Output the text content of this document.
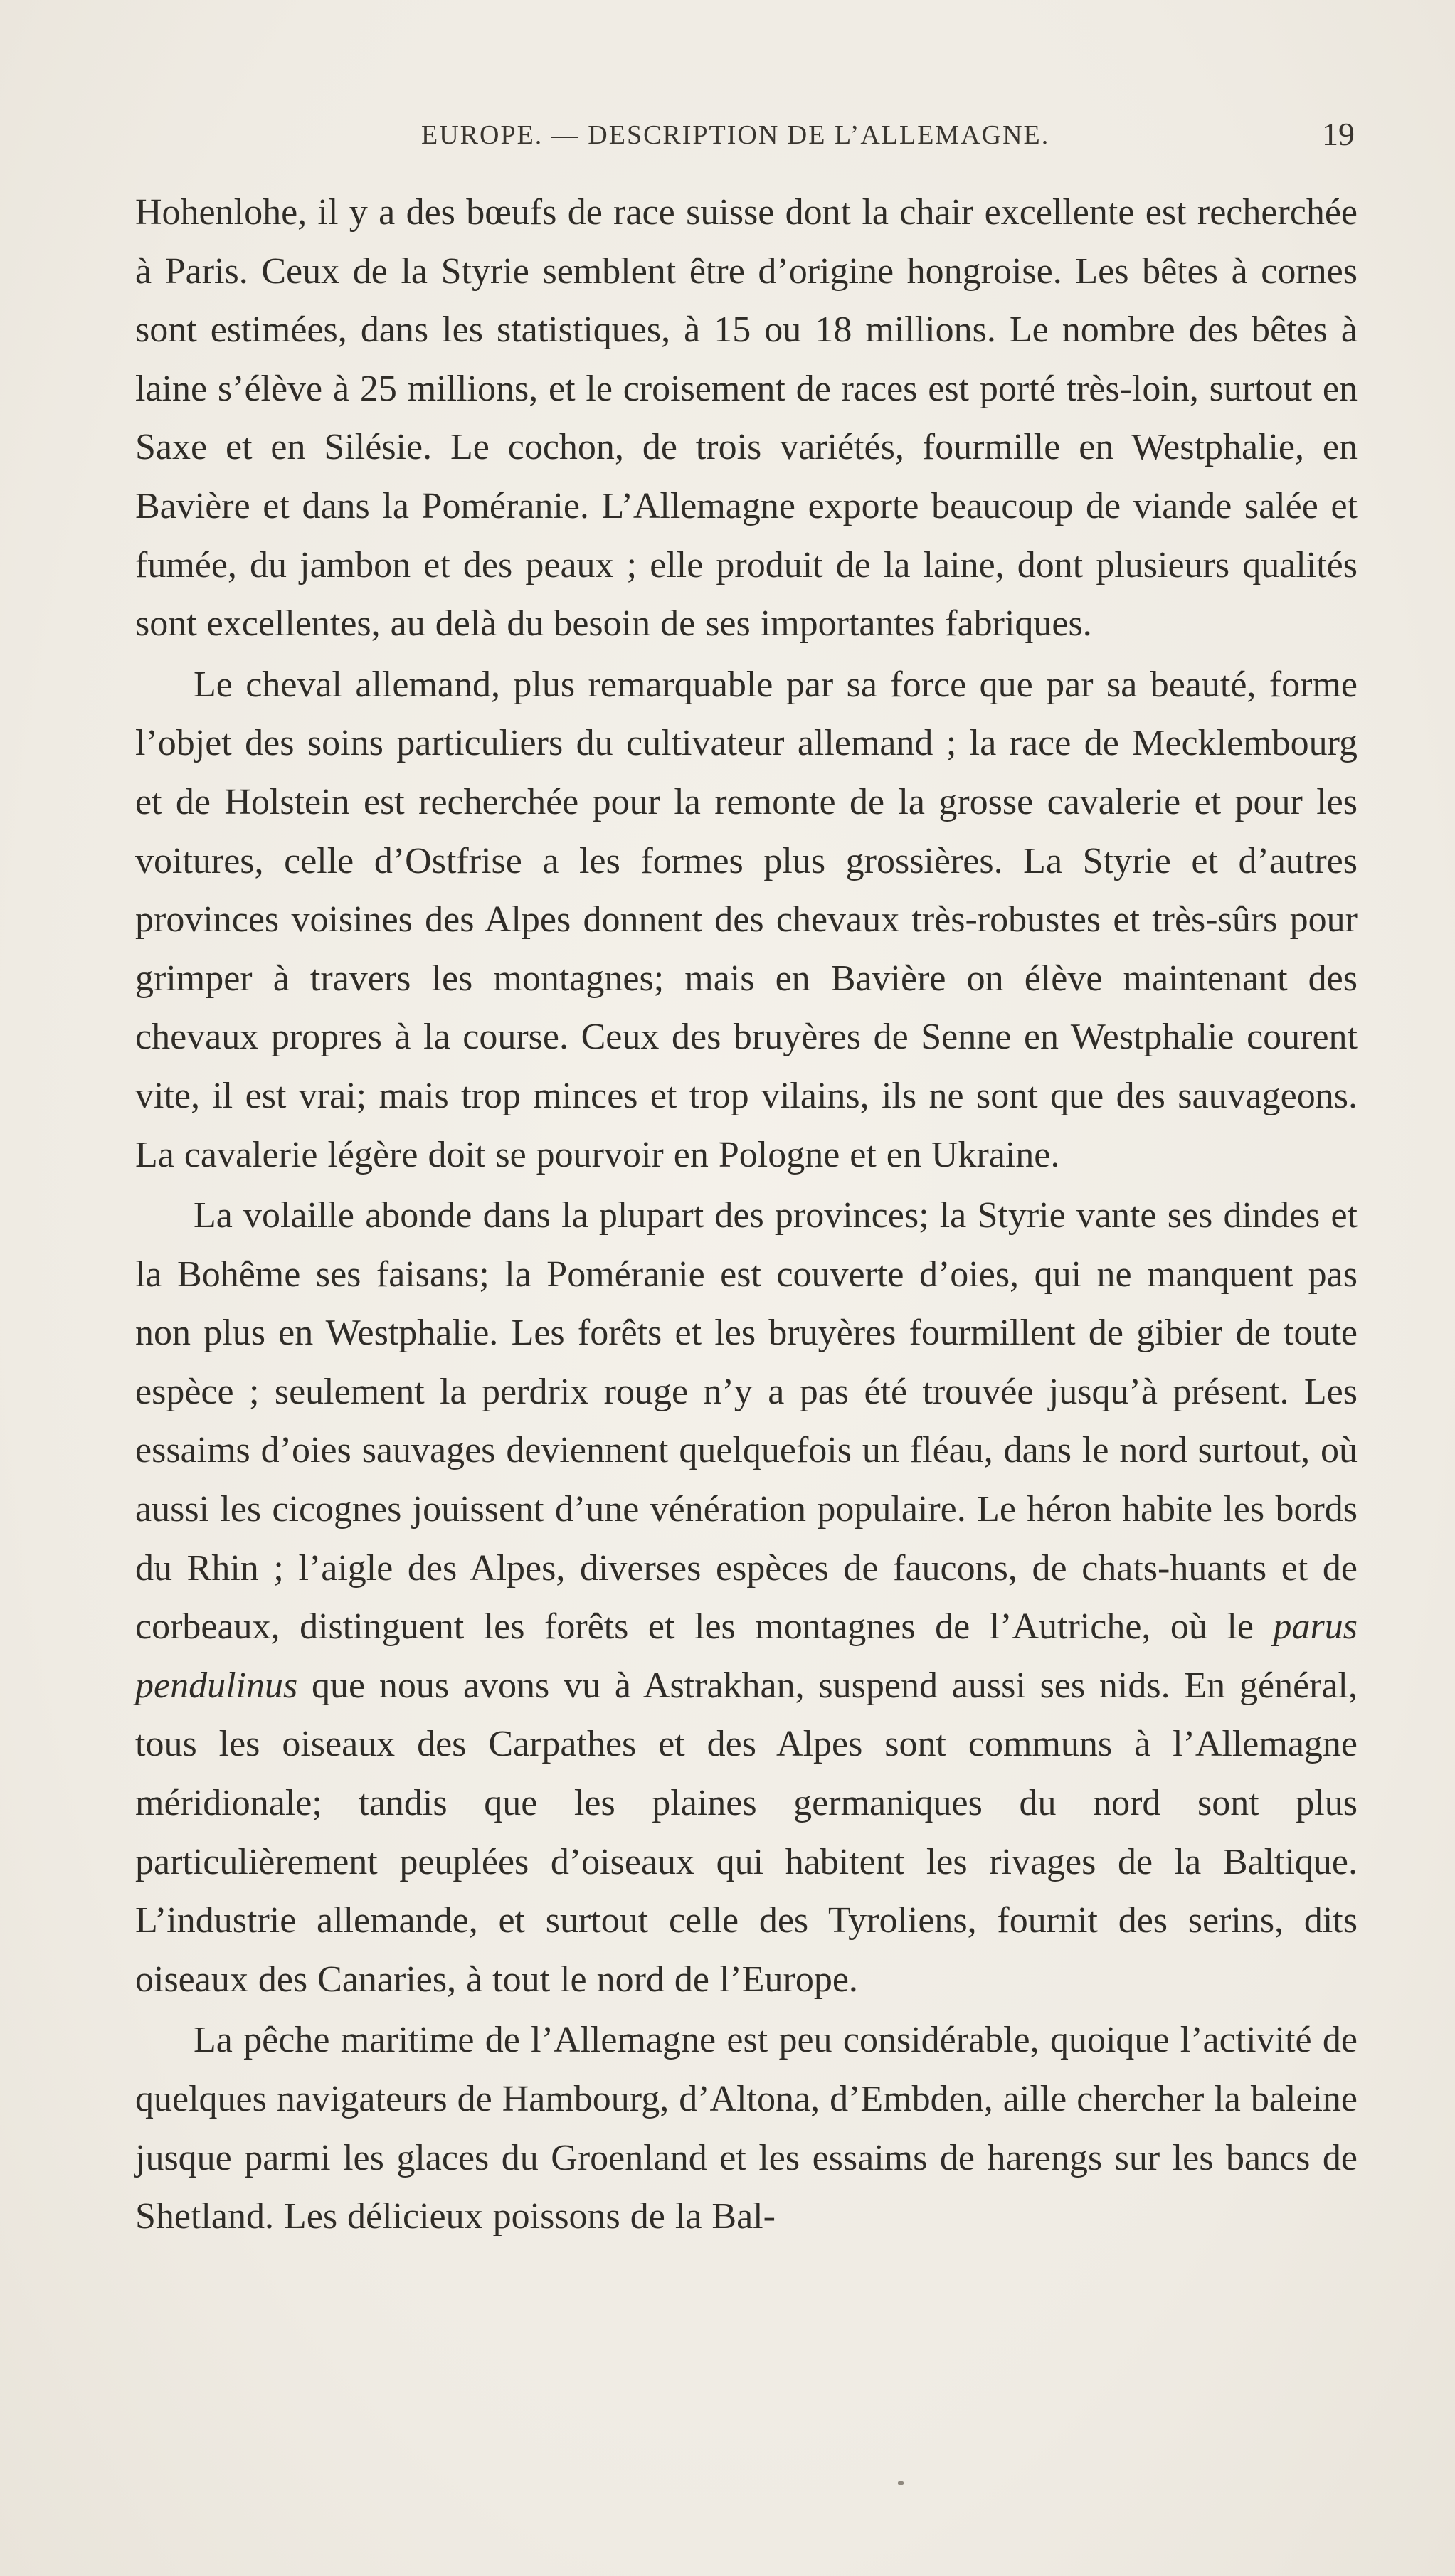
EUROPE. — DESCRIPTION DE L’ALLEMAGNE.	19

Hohenlohe, il y a des bœufs de race suisse dont la chair excellente est recherchée à Paris. Ceux de la Styrie semblent être d’origine hongroise. Les bêtes à cornes sont estimées, dans les statistiques, à 15 ou 18 millions. Le nombre des bêtes à laine s’élève à 25 millions, et le croisement de races est porté très-loin, surtout en Saxe et en Silésie. Le cochon, de trois variétés, fourmille en Westphalie, en Bavière et dans la Poméranie. L’Allemagne exporte beaucoup de viande salée et fumée, du jambon et des peaux ; elle produit de la laine, dont plusieurs qualités sont excellentes, au delà du besoin de ses importantes fabriques.

Le cheval allemand, plus remarquable par sa force que par sa beauté, forme l’objet des soins particuliers du cultivateur allemand ; la race de Mecklembourg et de Holstein est recherchée pour la remonte de la grosse cavalerie et pour les voitures, celle d’Ostfrise a les formes plus grossières. La Styrie et d’autres provinces voisines des Alpes donnent des chevaux très-robustes et très-sûrs pour grimper à travers les montagnes; mais en Bavière on élève maintenant des chevaux propres à la course. Ceux des bruyères de Senne en Westphalie courent vite, il est vrai; mais trop minces et trop vilains, ils ne sont que des sauvageons. La cavalerie légère doit se pourvoir en Pologne et en Ukraine.

La volaille abonde dans la plupart des provinces; la Styrie vante ses dindes et la Bohême ses faisans; la Poméranie est couverte d’oies, qui ne manquent pas non plus en Westphalie. Les forêts et les bruyères fourmillent de gibier de toute espèce ; seulement la perdrix rouge n’y a pas été trouvée jusqu’à présent. Les essaims d’oies sauvages deviennent quelquefois un fléau, dans le nord surtout, où aussi les cicognes jouissent d’une vénération populaire. Le héron habite les bords du Rhin ; l’aigle des Alpes, diverses espèces de faucons, de chats-huants et de corbeaux, distinguent les forêts et les montagnes de l’Autriche, où le parus pendulinus que nous avons vu à Astrakhan, suspend aussi ses nids. En général, tous les oiseaux des Carpathes et des Alpes sont communs à l’Allemagne méridionale; tandis que les plaines germaniques du nord sont plus particulièrement peuplées d’oiseaux qui habitent les rivages de la Baltique. L’industrie allemande, et surtout celle des Tyroliens, fournit des serins, dits oiseaux des Canaries, à tout le nord de l’Europe.

La pêche maritime de l’Allemagne est peu considérable, quoique l’activité de quelques navigateurs de Hambourg, d’Altona, d’Embden, aille chercher la baleine jusque parmi les glaces du Groenland et les essaims de harengs sur les bancs de Shetland. Les délicieux poissons de la Bal-
